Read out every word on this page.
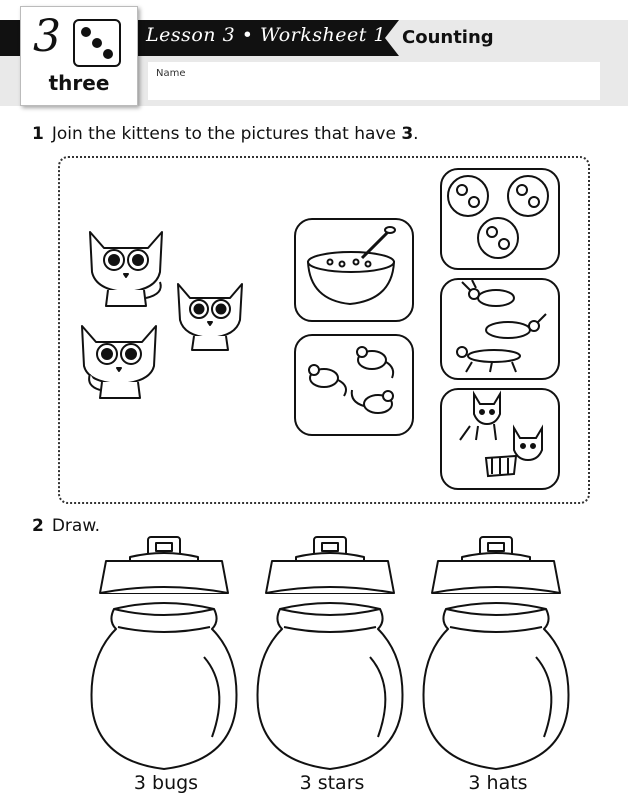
Lesson 3 • Worksheet 1 Counting
Name
3
three
1 Join the kittens to the pictures that have 3.
2 Draw.
3 bugs	3 stars	3 hats
